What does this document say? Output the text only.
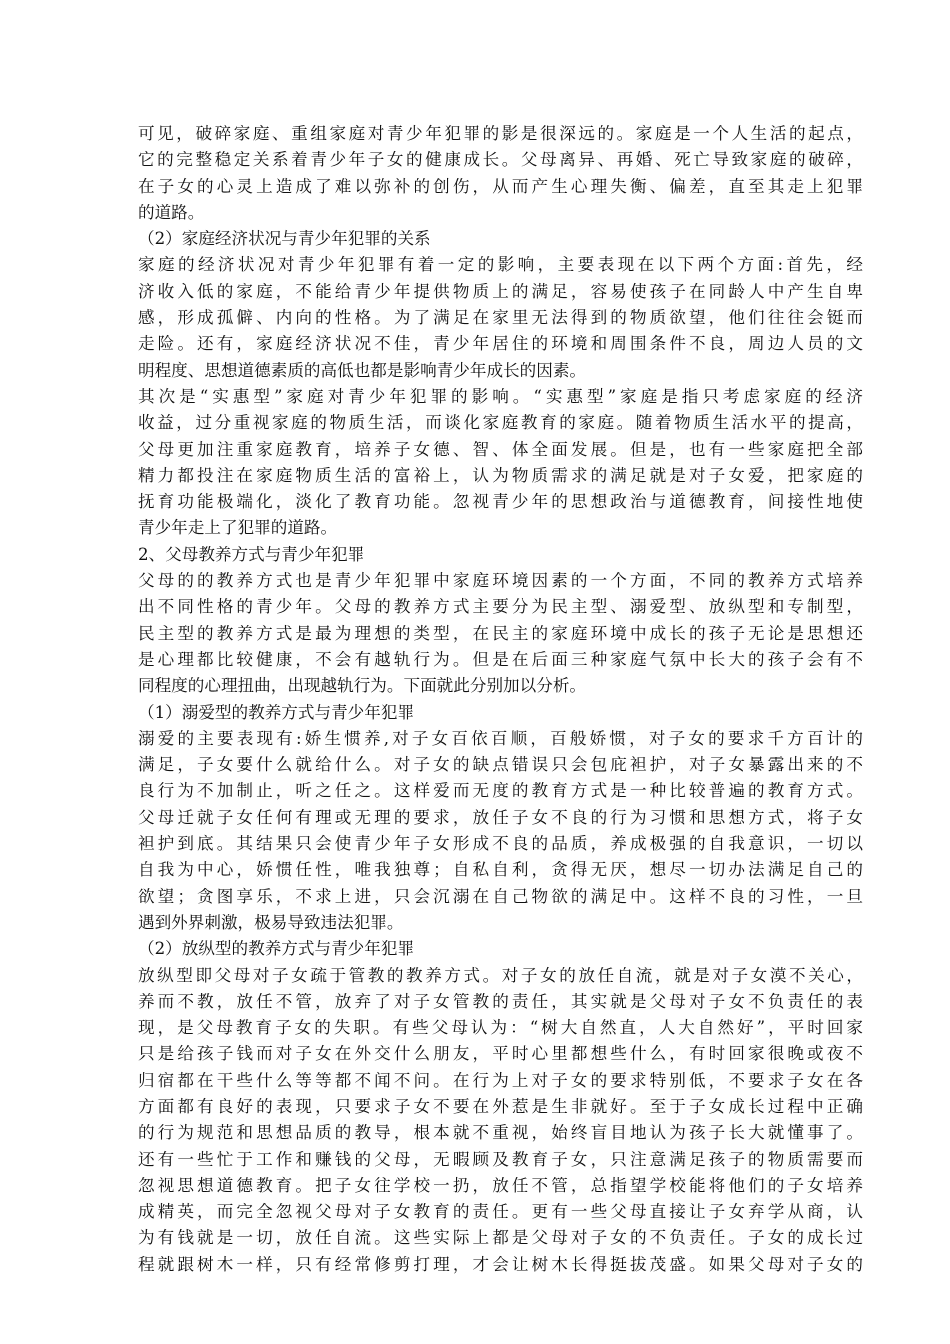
可见，破碎家庭、重组家庭对青少年犯罪的影是很深远的。家庭是一个人生活的起点，
它的完整稳定关系着青少年子女的健康成长。父母离异、再婚、死亡导致家庭的破碎，
在子女的心灵上造成了难以弥补的创伤，从而产生心理失衡、偏差，直至其走上犯罪
的道路。
（2）家庭经济状况与青少年犯罪的关系
家庭的经济状况对青少年犯罪有着一定的影响，主要表现在以下两个方面:首先，经
济收入低的家庭，不能给青少年提供物质上的满足，容易使孩子在同龄人中产生自卑
感，形成孤僻、内向的性格。为了满足在家里无法得到的物质欲望，他们往往会铤而
走险。还有，家庭经济状况不佳，青少年居住的环境和周围条件不良，周边人员的文
明程度、思想道德素质的高低也都是影响青少年成长的因素。
其次是“实惠型”家庭对青少年犯罪的影响。“实惠型”家庭是指只考虑家庭的经济
收益，过分重视家庭的物质生活，而谈化家庭教育的家庭。随着物质生活水平的提高，
父母更加注重家庭教育，培养子女德、智、体全面发展。但是，也有一些家庭把全部
精力都投注在家庭物质生活的富裕上，认为物质需求的满足就是对子女爱，把家庭的
抚育功能极端化，淡化了教育功能。忽视青少年的思想政治与道德教育，间接性地使
青少年走上了犯罪的道路。
2、父母教养方式与青少年犯罪
父母的的教养方式也是青少年犯罪中家庭环境因素的一个方面，不同的教养方式培养
出不同性格的青少年。父母的教养方式主要分为民主型、溺爱型、放纵型和专制型，
民主型的教养方式是最为理想的类型，在民主的家庭环境中成长的孩子无论是思想还
是心理都比较健康，不会有越轨行为。但是在后面三种家庭气氛中长大的孩子会有不
同程度的心理扭曲，出现越轨行为。下面就此分别加以分析。
（1）溺爱型的教养方式与青少年犯罪
溺爱的主要表现有:娇生惯养,对子女百依百顺，百般娇惯，对子女的要求千方百计的
满足，子女要什么就给什么。对子女的缺点错误只会包庇袒护，对子女暴露出来的不
良行为不加制止，听之任之。这样爱而无度的教育方式是一种比较普遍的教育方式。
父母迁就子女任何有理或无理的要求，放任子女不良的行为习惯和思想方式，将子女
袒护到底。其结果只会使青少年子女形成不良的品质，养成极强的自我意识，一切以
自我为中心，娇惯任性，唯我独尊；自私自利，贪得无厌，想尽一切办法满足自己的
欲望；贪图享乐，不求上进，只会沉溺在自己物欲的满足中。这样不良的习性，一旦
遇到外界刺激，极易导致违法犯罪。
（2）放纵型的教养方式与青少年犯罪
放纵型即父母对子女疏于管教的教养方式。对子女的放任自流，就是对子女漠不关心，
养而不教，放任不管，放弃了对子女管教的责任，其实就是父母对子女不负责任的表
现，是父母教育子女的失职。有些父母认为：“树大自然直，人大自然好”，平时回家
只是给孩子钱而对子女在外交什么朋友，平时心里都想些什么，有时回家很晚或夜不
归宿都在干些什么等等都不闻不问。在行为上对子女的要求特别低，不要求子女在各
方面都有良好的表现，只要求子女不要在外惹是生非就好。至于子女成长过程中正确
的行为规范和思想品质的教导，根本就不重视，始终盲目地认为孩子长大就懂事了。
还有一些忙于工作和赚钱的父母，无暇顾及教育子女，只注意满足孩子的物质需要而
忽视思想道德教育。把子女往学校一扔，放任不管，总指望学校能将他们的子女培养
成精英，而完全忽视父母对子女教育的责任。更有一些父母直接让子女弃学从商，认
为有钱就是一切，放任自流。这些实际上都是父母对子女的不负责任。子女的成长过
程就跟树木一样，只有经常修剪打理，才会让树木长得挺拔茂盛。如果父母对子女的
